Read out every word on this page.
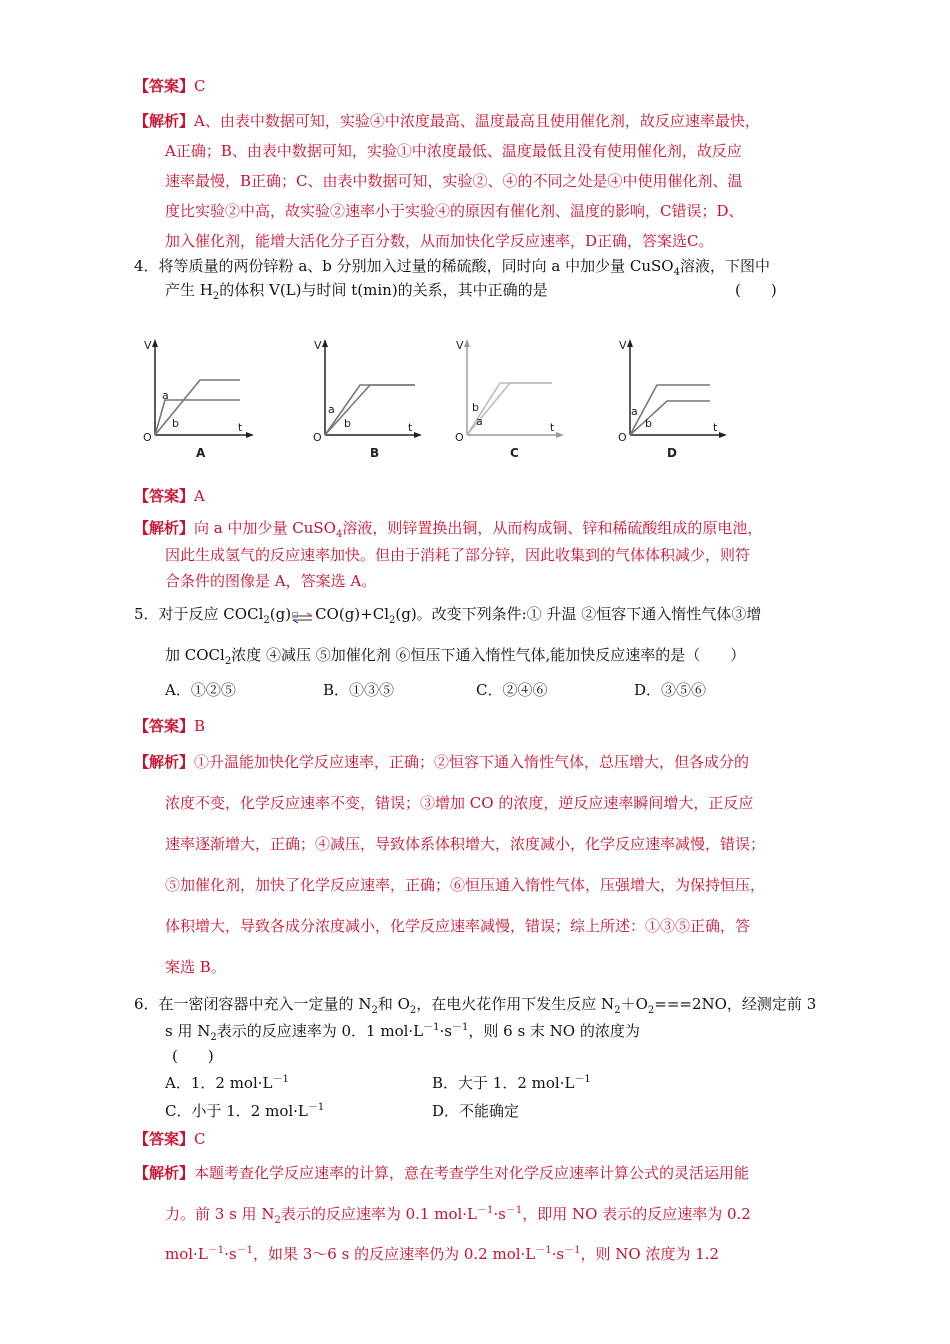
【答案】C
【解析】A、由表中数据可知，实验④中浓度最高、温度最高且使用催化剂，故反应速率最快，
A正确；B、由表中数据可知，实验①中浓度最低、温度最低且没有使用催化剂，故反应
速率最慢，B正确；C、由表中数据可知，实验②、④的不同之处是④中使用催化剂、温
度比实验②中高，故实验②速率小于实验④的原因有催化剂、温度的影响，C错误；D、
加入催化剂，能增大活化分子百分数，从而加快化学反应速率，D正确，答案选C。
4．将等质量的两份锌粉 a、b 分别加入过量的稀硫酸，同时向 a 中加少量 CuSO$_4$溶液，下图中
产生 $H_2$的体积 V(L)与时间 t(min)的关系，其中正确的是	(　　)
V
t
O
a
b
A
V
t
O
a
b
B
V
t
O
b
a
C
V
t
O
a
b
D
【答案】A
【解析】向 a 中加少量 CuSO$_4$溶液，则锌置换出铜，从而构成铜、锌和稀硫酸组成的原电池，
因此生成氢气的反应速率加快。但由于消耗了部分锌，因此收集到的气体体积减少，则符
合条件的图像是 A，答案选 A。
5．对于反应 $COCl_2(g)\rightleftharpoons CO(g)+Cl_2(g)$。改变下列条件:① 升温 ②恒容下通入惰性气体③增
加 COCl$_2$浓度 ④减压 ⑤加催化剂 ⑥恒压下通入惰性气体,能加快反应速率的是（　　）
A．①②⑤	B．①③⑤	C．②④⑥	D．③⑤⑥
【答案】B
【解析】①升温能加快化学反应速率，正确；②恒容下通入惰性气体，总压增大，但各成分的
浓度不变，化学反应速率不变，错误；③增加 CO 的浓度，逆反应速率瞬间增大，正反应
速率逐渐增大，正确；④减压，导致体系体积增大，浓度减小，化学反应速率减慢，错误；
⑤加催化剂，加快了化学反应速率，正确；⑥恒压通入惰性气体，压强增大，为保持恒压，
体积增大，导致各成分浓度减小，化学反应速率减慢，错误；综上所述：①③⑤正确，答
案选 B。
6．在一密闭容器中充入一定量的 $N_2$和 $O_2$，在电火花作用下发生反应 $N_2+O_2===2NO$，经测定前 3
s 用 $N_2$表示的反应速率为 0．1 $mol\cdot L^{-1}\cdot s^{-1}$，则 6 s 末 NO 的浓度为
(　　)
A．1．2 $mol\cdot L^{-1}$	B．大于 1．2 $mol\cdot L^{-1}$
C．小于 1．2 $mol\cdot L^{-1}$	D．不能确定
【答案】C
【解析】本题考查化学反应速率的计算，意在考查学生对化学反应速率计算公式的灵活运用能
力。前 3 s 用 $N_2$表示的反应速率为 0.1 $mol\cdot L^{-1}\cdot s^{-1}$，即用 NO 表示的反应速率为 0.2
$mol\cdot L^{-1}\cdot s^{-1}$，如果 3～6 s 的反应速率仍为 0.2 $mol\cdot L^{-1}\cdot s^{-1}$，则 NO 浓度为 1.2
